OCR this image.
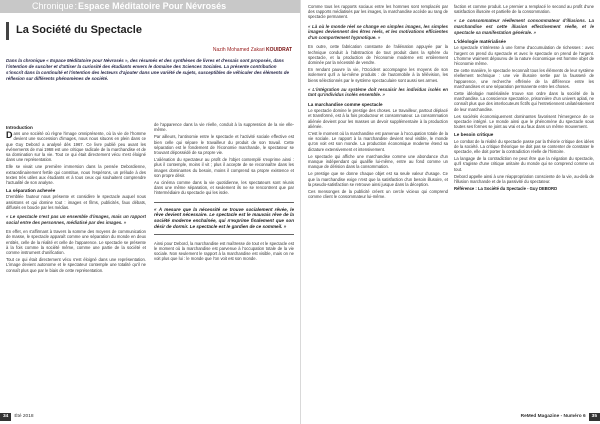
Chronique:Espace Méditatoire Pour Névrosés
La Société du Spectacle
Nazih Mohamed Zakari KOUIDRAT
Dans la chronique « Espace Méditatoire pour Névrosés », des résumés et des synthèses de livres et d'essais sont proposés, dans l'intention de susciter et d'attiser la curiosité des étudiants envers le domaine des Sciences Sociales. La présente contribution s'inscrit dans la continuité et l'intention des lecteurs d'ajouter dans une variété de sujets, susceptibles de véhiculer des éléments de réflexion sur différents phénomènes de société.
Introduction
Dans une société où règne l'image omniprésente, où la vie de l'homme devient une succession d'images, nous nous situons en plein dans ce que Guy Debord a analysé dès 1967. Ce livre publié peu avant les événements de mai 1968 est une critique radicale de la marchandise et de sa domination sur la vie. Tout ce qui était directement vécu s'est éloigné dans une représentation.
Elle se vivait une première immersion dans la pensée Debordienne, extraordinairement fertile qui constitue, nous l'espérons, un prélude à des textes très utiles aux étudiants et à tous ceux qui souhaitent comprendre l'actualité de son analyse.
La séparation achevée
D'emblée l'auteur nous présente et considère le spectacle auquel nous assistons et qui domine tout : images et films, publicités, faux débats, diffusés en boucle par les médias.
« Le spectacle n'est pas un ensemble d'images, mais un rapport social entre des personnes, médiatisé par des images. »
En effet, en s'affirmant à travers la somme des moyens de communication de masse, le spectacle apparaît comme une séparation du monde en deux entités, celle de la réalité et celle de l'apparence. Le spectacle se présente à la fois comme la société même, comme une partie de la société et comme instrument d'unification.
Tout ce qui était directement vécu s'est éloigné dans une représentation. L'image devient autonome et le spectateur contemple une totalité qu'il ne connaît plus que par le biais de cette représentation.
de l'apparence dans la vie réelle, conduit à la suppression de la vie elle-même.
Par ailleurs, l'antinomie entre le spectacle et l'activité sociale effective est bien celle qui sépare le travailleur du produit de son travail. Cette séparation est le fondement de l'économie marchande, le spectateur se trouvant dépossédé de sa propre vie.
L'aliénation du spectateur au profit de l'objet contemplé s'exprime ainsi : plus il contemple, moins il vit ; plus il accepte de se reconnaître dans les images dominantes du besoin, moins il comprend sa propre existence et son propre désir.
Au cinéma comme dans la vie quotidienne, les spectateurs sont réunis dans une même séparation, et seulement ils ne se rencontrent que par l'intermédiaire du spectacle qui les isole.
« À mesure que la nécessité se trouve socialement rêvée, le rêve devient nécessaire. Le spectacle est le mauvais rêve de la société moderne enchaînée, qui n'exprime finalement que son désir de dormir. Le spectacle est le gardien de ce sommeil. »
Ainsi pour Debord, la marchandise est maîtresse de tout et le spectacle est le moment où la marchandise est parvenue à l'occupation totale de la vie sociale. Non seulement le rapport à la marchandise est visible, mais on ne voit plus que lui : le monde que l'on voit est son monde.
34 Été 2018
Comme tous les rapports sociaux entre les hommes sont remplacés par des rapports médiatisés par les images, la marchandise accède au rang de spectacle permanent.
« Là où le monde réel se change en simples images, les simples images deviennent des êtres réels, et les motivations efficientes d'un comportement hypnotique. »
En outre, cette fabrication constante de l'aliénation appuyée par la technique conduit à l'abstraction de tout produit dans la sphère du spectacle, et la production de l'économie moderne est entièrement dominée par la nécessité de vendre.
En rendant pauvre la vie, l'Occident accompagne les moyens de son isolement qu'il a lui-même produits : de l'automobile à la télévision, les biens sélectionnés par le système spectaculaire sont aussi ses armes.
« L'intégration au système doit ressaisir les individus isolés en tant qu'individus isolés ensemble. »
La marchandise comme spectacle
Le spectacle domine le prestige des choses. Le travailleur, partout déplacé et transformé, est à la fois producteur et consommateur. La consommation aliénée devient pour les masses un devoir supplémentaire à la production aliénée.
C'est le moment où la marchandise est parvenue à l'occupation totale de la vie sociale. Le rapport à la marchandise devient seul visible, le monde qu'on voit est son monde. La production économique moderne étend sa dictature extensivement et intensivement.
Le spectacle qui affiche une marchandise comme une abondance d'un manque indépendant qui qualifie lui-même, entre au fond comme un manque de dérision dans la consommation.
Le prestige que se donne chaque objet est sa seule valeur d'usage. Ce que la marchandise exige n'est que la satisfaction d'un besoin illusoire, et la pseudo-satisfaction se retrouve ainsi jusque dans la déception.
Ces mensonges de la publicité créent un cercle vicieux qui comprend comme client le consommateur lui-même.
faction et comme produit. Le premier a remplacé le second au profit d'une satisfaction illusoire et partielle de la consommation.
« Le consommateur réellement consommateur d'illusions. La marchandise est cette illusion effectivement réelle, et le spectacle sa manifestation générale. »
L'idéologie matérialisée
Le spectacle s'intéresse à une forme d'accumulation de richesses : avec l'argent on prend du spectacle et avec le spectacle on prend de l'argent. L'homme vraiment dépourvu de la nature économique est homme objet de l'économie même.
De cette manière, le spectacle reconnaît tous les éléments de leur système réellement technique : une vie illusoire sertie par la fausseté de l'apparence, une recherche effrénée de la différence entre les marchandises et une séparation permanente entre les choses.
Cette idéologie matérialisée trouve son ordre dans la société de la marchandise. La conscience spectatrice, prisonnière d'un univers aplati, ne connaît plus que des interlocuteurs fictifs qui l'entretiennent unilatéralement de leur marchandise.
Les sociétés économiquement dominantes favorisent l'émergence de ce spectacle intégré. Le monde ainsi que le phénomène du spectacle sous toutes ses formes se joint au vrai et au faux dans un même mouvement.
Le besoin critique
Le combat de la réalité du spectacle passe par la théorie critique des idées de la société. La critique théorique ne doit pas se contenter de constater le spectacle, elle doit porter la contradiction réelle de l'histoire.
La langage de la contradiction ne peut être que la négation du spectacle, qu'il s'agisse d'une critique unitaire du monde qui se comprend comme un tout.
Debord appelle ainsi à une réappropriation consciente de la vie, au-delà de l'illusion marchande et de la passivité du spectateur.
Référence : La Société du Spectacle - Guy DEBORD
ReMed Magazine - Numéro 6 35
